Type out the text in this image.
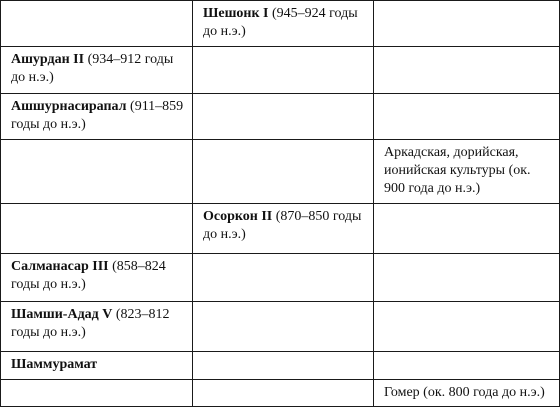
	Шешонк I (945–924 годы до н.э.)	
Ашурдан II (934–912 годы до н.э.)		
Ашшурнасирапал (911–859 годы до н.э.)		
		Аркадская, дорийская, ионийская культуры (ок. 900 года до н.э.)
	Осоркон II (870–850 годы до н.э.)	
Салманасар III (858–824 годы до н.э.)		
Шамши-Адад V (823–812 годы до н.э.)		
Шаммурамат		
		Гомер (ок. 800 года до н.э.)
